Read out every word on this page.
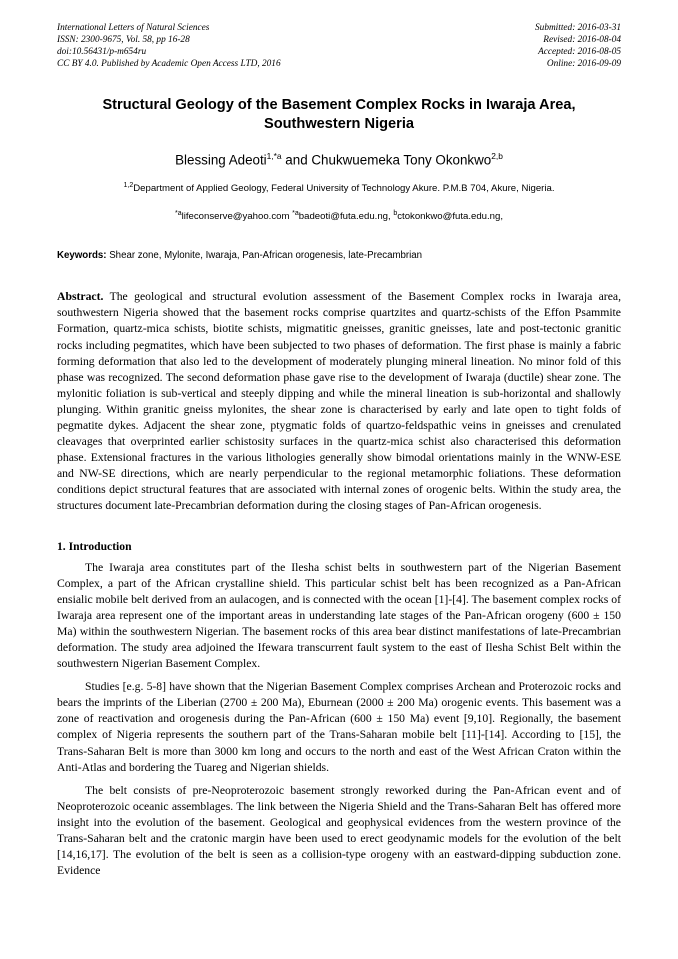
International Letters of Natural Sciences
ISSN: 2300-9675, Vol. 58, pp 16-28
doi:10.56431/p-m654ru
CC BY 4.0. Published by Academic Open Access LTD, 2016
Submitted: 2016-03-31
Revised: 2016-08-04
Accepted: 2016-08-05
Online: 2016-09-09
Structural Geology of the Basement Complex Rocks in Iwaraja Area, Southwestern Nigeria
Blessing Adeoti$^{1,*a}$ and Chukwuemeka Tony Okonkwo$^{2,b}$
$^{1,2}$Department of Applied Geology, Federal University of Technology Akure. P.M.B 704, Akure, Nigeria.
$^{*a}$lifeconserve@yahoo.com $^{*a}$badeoti@futa.edu.ng, $^b$ctokonkwo@futa.edu.ng,
Keywords: Shear zone, Mylonite, Iwaraja, Pan-African orogenesis, late-Precambrian
Abstract. The geological and structural evolution assessment of the Basement Complex rocks in Iwaraja area, southwestern Nigeria showed that the basement rocks comprise quartzites and quartz-schists of the Effon Psammite Formation, quartz-mica schists, biotite schists, migmatitic gneisses, granitic gneisses, late and post-tectonic granitic rocks including pegmatites, which have been subjected to two phases of deformation. The first phase is mainly a fabric forming deformation that also led to the development of moderately plunging mineral lineation. No minor fold of this phase was recognized. The second deformation phase gave rise to the development of Iwaraja (ductile) shear zone. The mylonitic foliation is sub-vertical and steeply dipping and while the mineral lineation is sub-horizontal and shallowly plunging. Within granitic gneiss mylonites, the shear zone is characterised by early and late open to tight folds of pegmatite dykes. Adjacent the shear zone, ptygmatic folds of quartzo-feldspathic veins in gneisses and crenulated cleavages that overprinted earlier schistosity surfaces in the quartz-mica schist also characterised this deformation phase. Extensional fractures in the various lithologies generally show bimodal orientations mainly in the WNW-ESE and NW-SE directions, which are nearly perpendicular to the regional metamorphic foliations. These deformation conditions depict structural features that are associated with internal zones of orogenic belts. Within the study area, the structures document late-Precambrian deformation during the closing stages of Pan-African orogenesis.
1. Introduction

The Iwaraja area constitutes part of the Ilesha schist belts in southwestern part of the Nigerian Basement Complex, a part of the African crystalline shield. This particular schist belt has been recognized as a Pan-African ensialic mobile belt derived from an aulacogen, and is connected with the ocean [1]-[4]. The basement complex rocks of Iwaraja area represent one of the important areas in understanding late stages of the Pan-African orogeny (600 ± 150 Ma) within the southwestern Nigerian. The basement rocks of this area bear distinct manifestations of late-Precambrian deformation. The study area adjoined the Ifewara transcurrent fault system to the east of Ilesha Schist Belt within the southwestern Nigerian Basement Complex.

Studies [e.g. 5-8] have shown that the Nigerian Basement Complex comprises Archean and Proterozoic rocks and bears the imprints of the Liberian (2700 ± 200 Ma), Eburnean (2000 ± 200 Ma) orogenic events. This basement was a zone of reactivation and orogenesis during the Pan-African (600 ± 150 Ma) event [9,10]. Regionally, the basement complex of Nigeria represents the southern part of the Trans-Saharan mobile belt [11]-[14]. According to [15], the Trans-Saharan Belt is more than 3000 km long and occurs to the north and east of the West African Craton within the Anti-Atlas and bordering the Tuareg and Nigerian shields.

The belt consists of pre-Neoproterozoic basement strongly reworked during the Pan-African event and of Neoproterozoic oceanic assemblages. The link between the Nigeria Shield and the Trans-Saharan Belt has offered more insight into the evolution of the basement. Geological and geophysical evidences from the western province of the Trans-Saharan belt and the cratonic margin have been used to erect geodynamic models for the evolution of the belt [14,16,17]. The evolution of the belt is seen as a collision-type orogeny with an eastward-dipping subduction zone. Evidence
